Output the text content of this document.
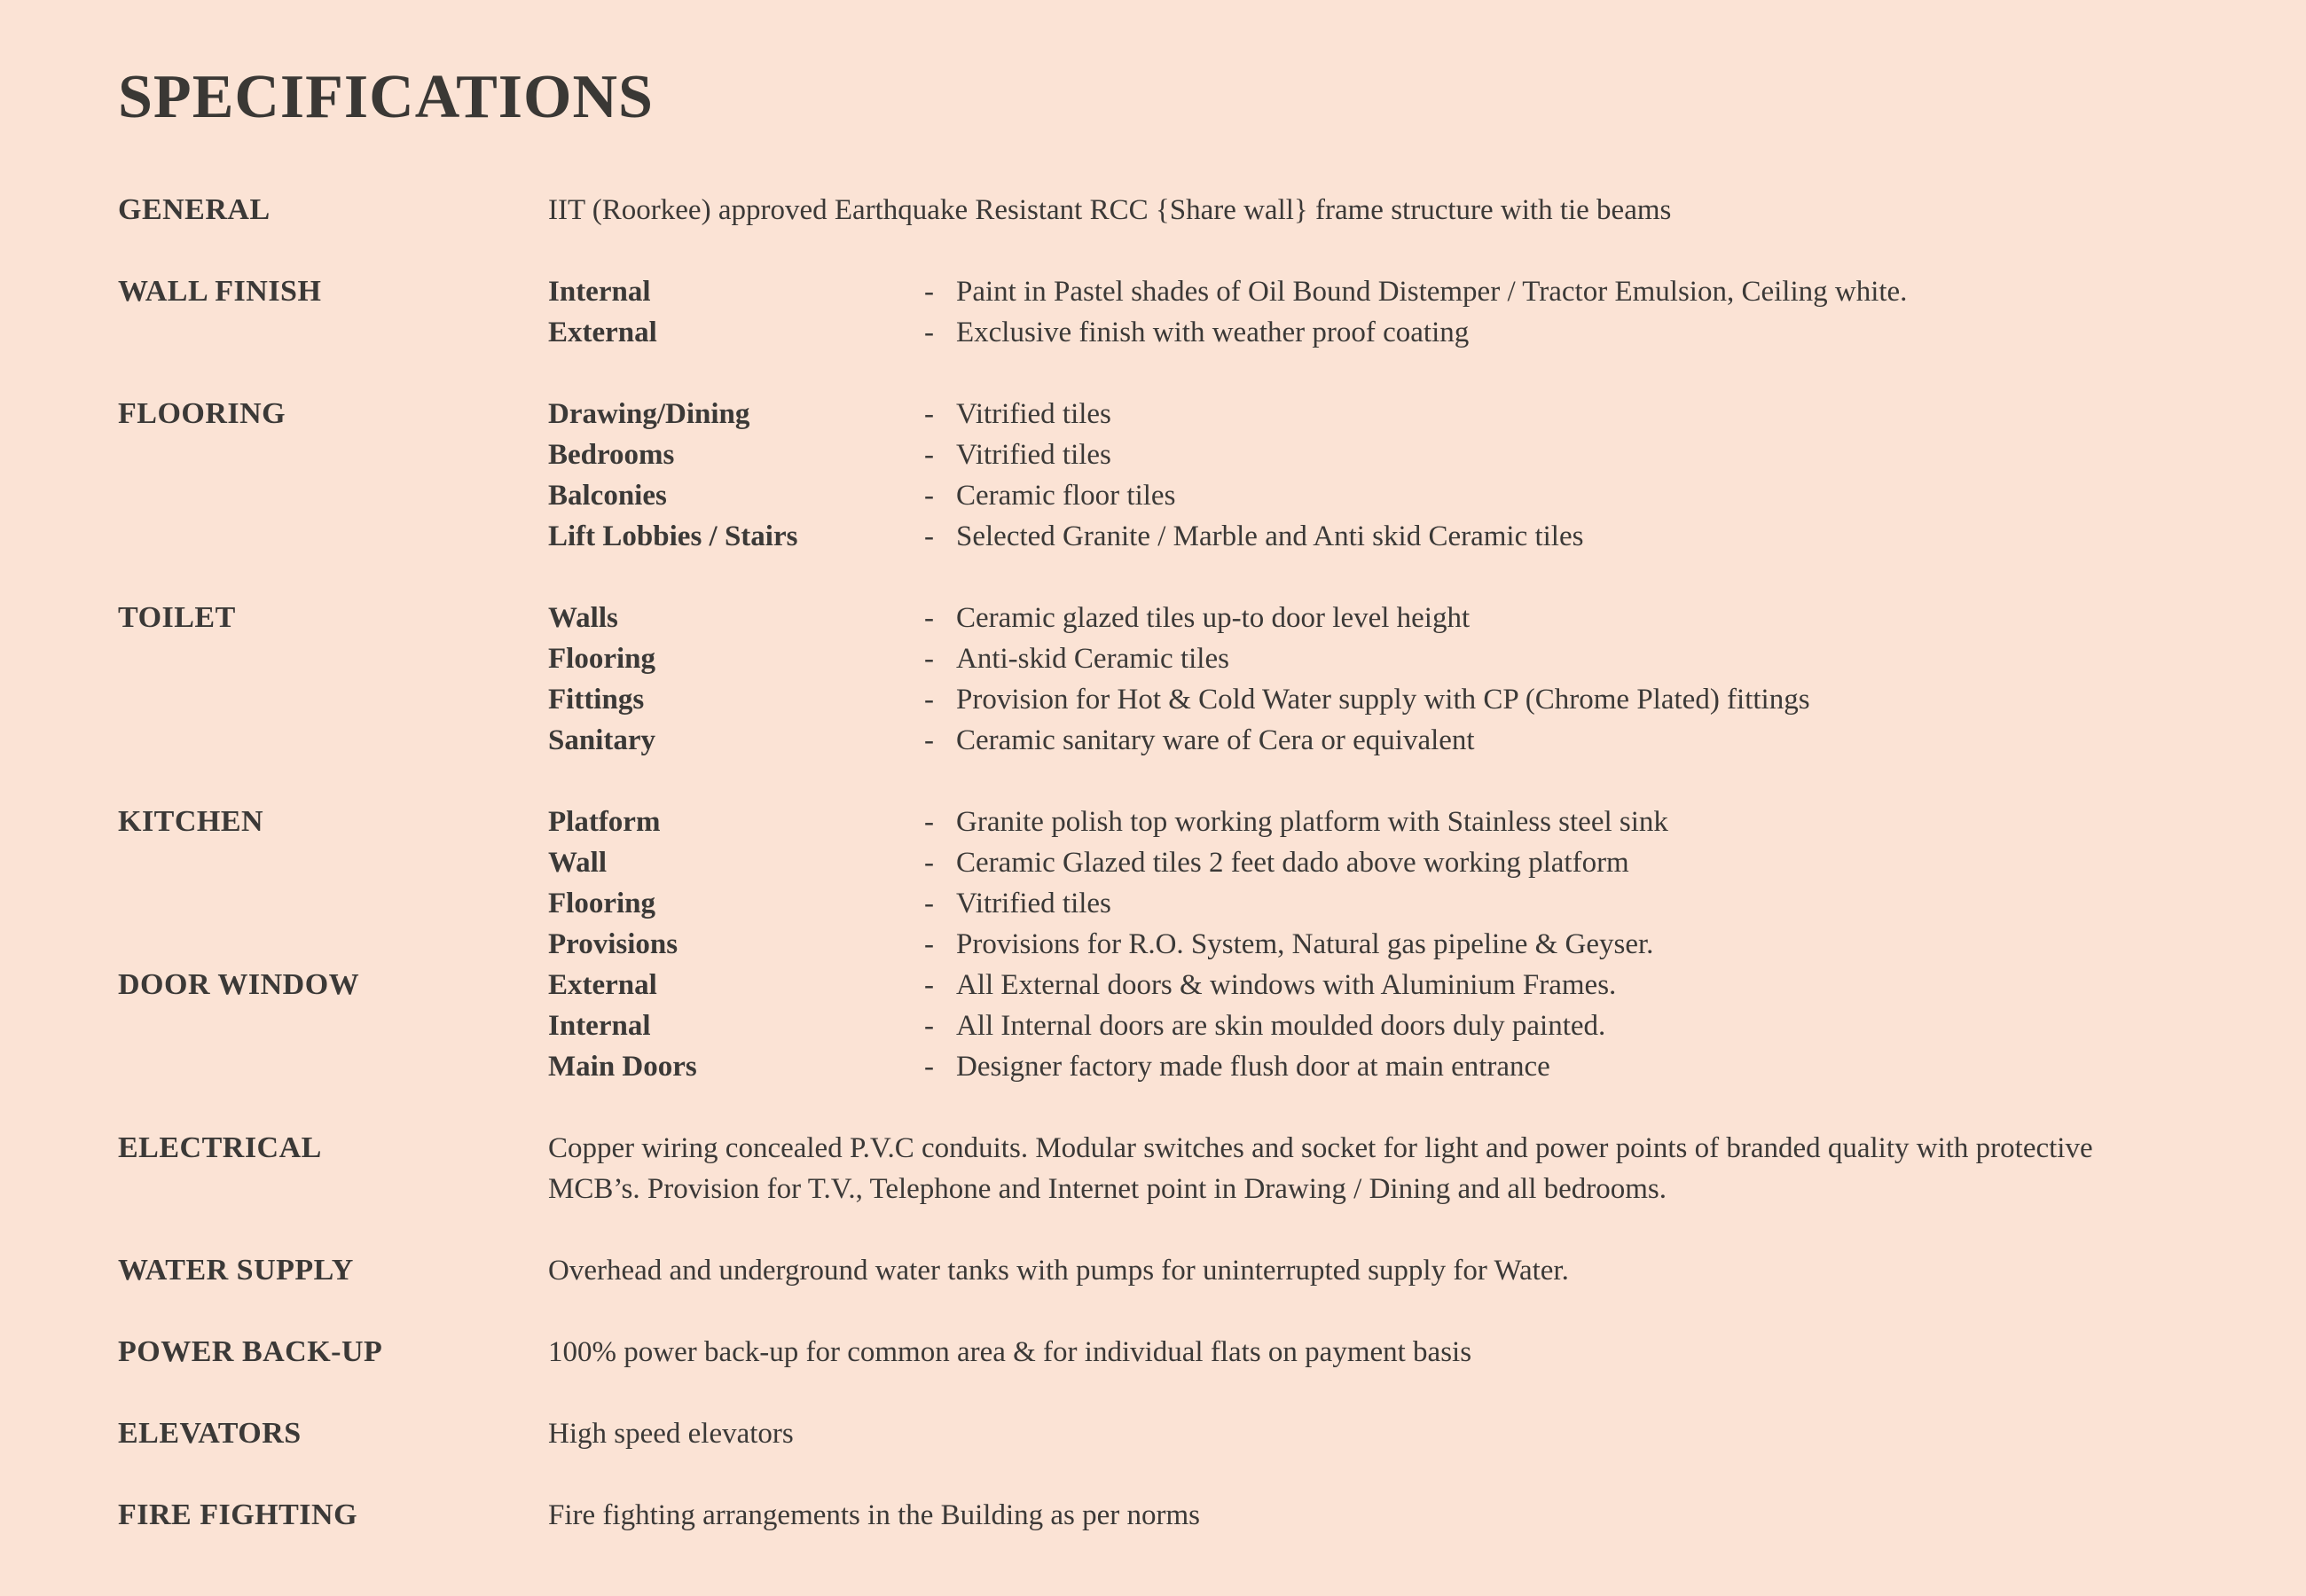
SPECIFICATIONS
GENERAL	IIT (Roorkee) approved Earthquake Resistant RCC {Share wall} frame structure with tie beams
WALL FINISH	Internal	- Paint in Pastel shades of Oil Bound Distemper / Tractor Emulsion, Ceiling white.
External	- Exclusive finish with weather proof coating
FLOORING	Drawing/Dining	- Vitrified tiles
Bedrooms	- Vitrified tiles
Balconies	- Ceramic floor tiles
Lift Lobbies / Stairs	- Selected Granite / Marble and Anti skid Ceramic tiles
TOILET	Walls	- Ceramic glazed tiles up-to door level height
Flooring	- Anti-skid Ceramic tiles
Fittings	- Provision for Hot & Cold Water supply with CP (Chrome Plated) fittings
Sanitary	- Ceramic sanitary ware of Cera or equivalent
KITCHEN	Platform	- Granite polish top working platform with Stainless steel sink
Wall	- Ceramic Glazed tiles 2 feet dado above working platform
Flooring	- Vitrified tiles
Provisions	- Provisions for R.O. System, Natural gas pipeline & Geyser.
DOOR WINDOW	External	- All External doors & windows with Aluminium Frames.
Internal	- All Internal doors are skin moulded doors duly painted.
Main Doors	- Designer factory made flush door at main entrance
ELECTRICAL	Copper wiring concealed P.V.C conduits. Modular switches and socket for light and power points of branded quality with protective
MCB’s. Provision for T.V., Telephone and Internet point in Drawing / Dining and all bedrooms.
WATER SUPPLY	Overhead and underground water tanks with pumps for uninterrupted supply for Water.
POWER BACK-UP	100% power back-up for common area & for individual flats on payment basis
ELEVATORS	High speed elevators
FIRE FIGHTING	Fire fighting arrangements in the Building as per norms
